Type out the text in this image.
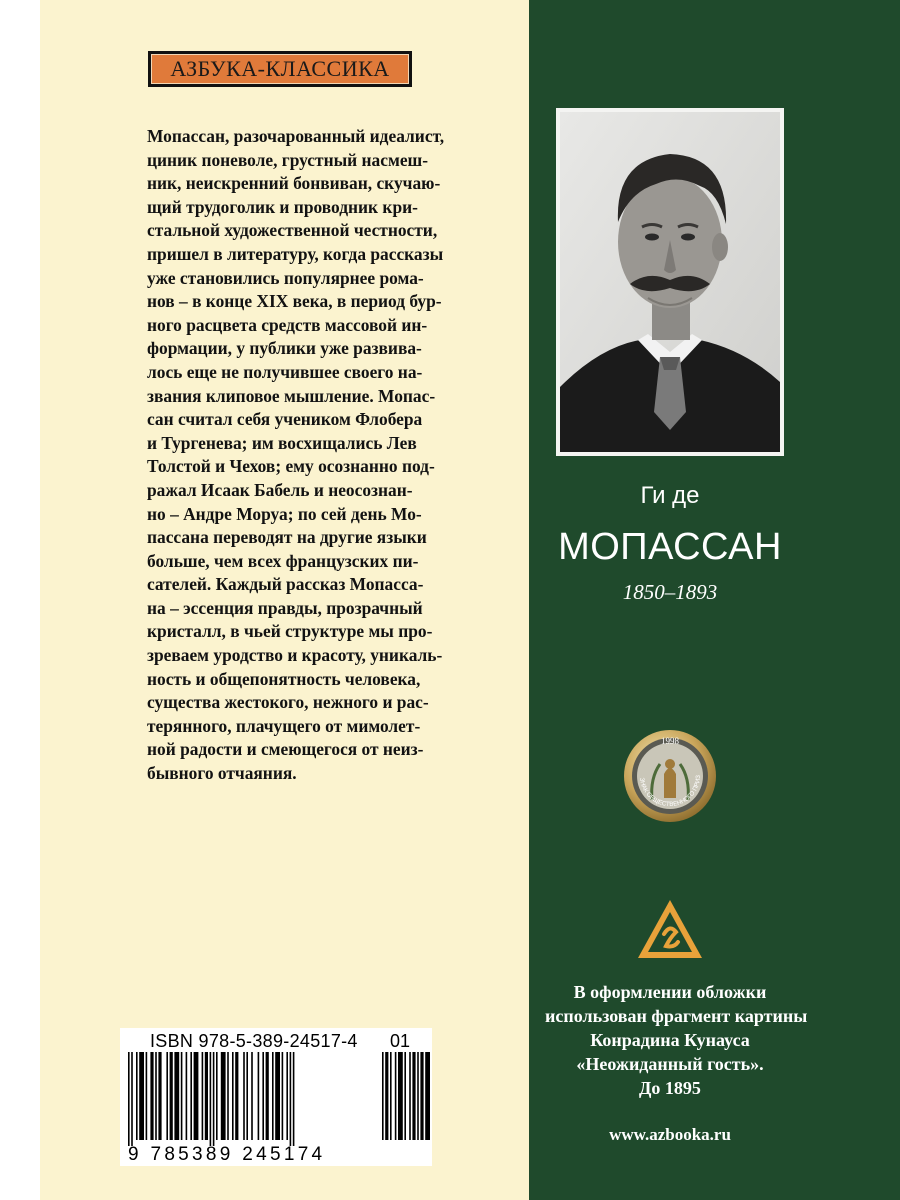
АЗБУКА-КЛАССИКА
Мопассан, разочарованный идеалист,
циник поневоле, грустный насмеш-
ник, неискренний бонвиван, скучаю-
щий трудоголик и проводник кри-
стальной художественной честности,
пришел в литературу, когда рассказы
уже становились популярнее рома-
нов – в конце XIX века, в период бур-
ного расцвета средств массовой ин-
формации, у публики уже развива-
лось еще не получившее своего на-
звания клиповое мышление. Мопас-
сан считал себя учеником Флобера
и Тургенева; им восхищались Лев
Толстой и Чехов; ему осознанно под-
ражал Исаак Бабель и неосознан-
но – Андре Моруа; по сей день Мо-
пассана переводят на другие языки
больше, чем всех французских пи-
сателей. Каждый рассказ Мопасса-
на – эссенция правды, прозрачный
кристалл, в чьей структуре мы про-
зреваем уродство и красоту, уникаль-
ность и общепонятность человека,
существа жестокого, нежного и рас-
терянного, плачущего от мимолет-
ной радости и смеющегося от неиз-
бывного отчаяния.
Ги де
МОПАССАН
1850–1893
1998
ЗНАК ОБЩЕСТВЕННОГО ПРИЗ
В оформлении обложки
использован фрагмент картины
Конрадина Кунауса
«Неожиданный гость».
До 1895
www.azbooka.ru
ISBN 978-5-389-24517-4 01
9 785389 245174
